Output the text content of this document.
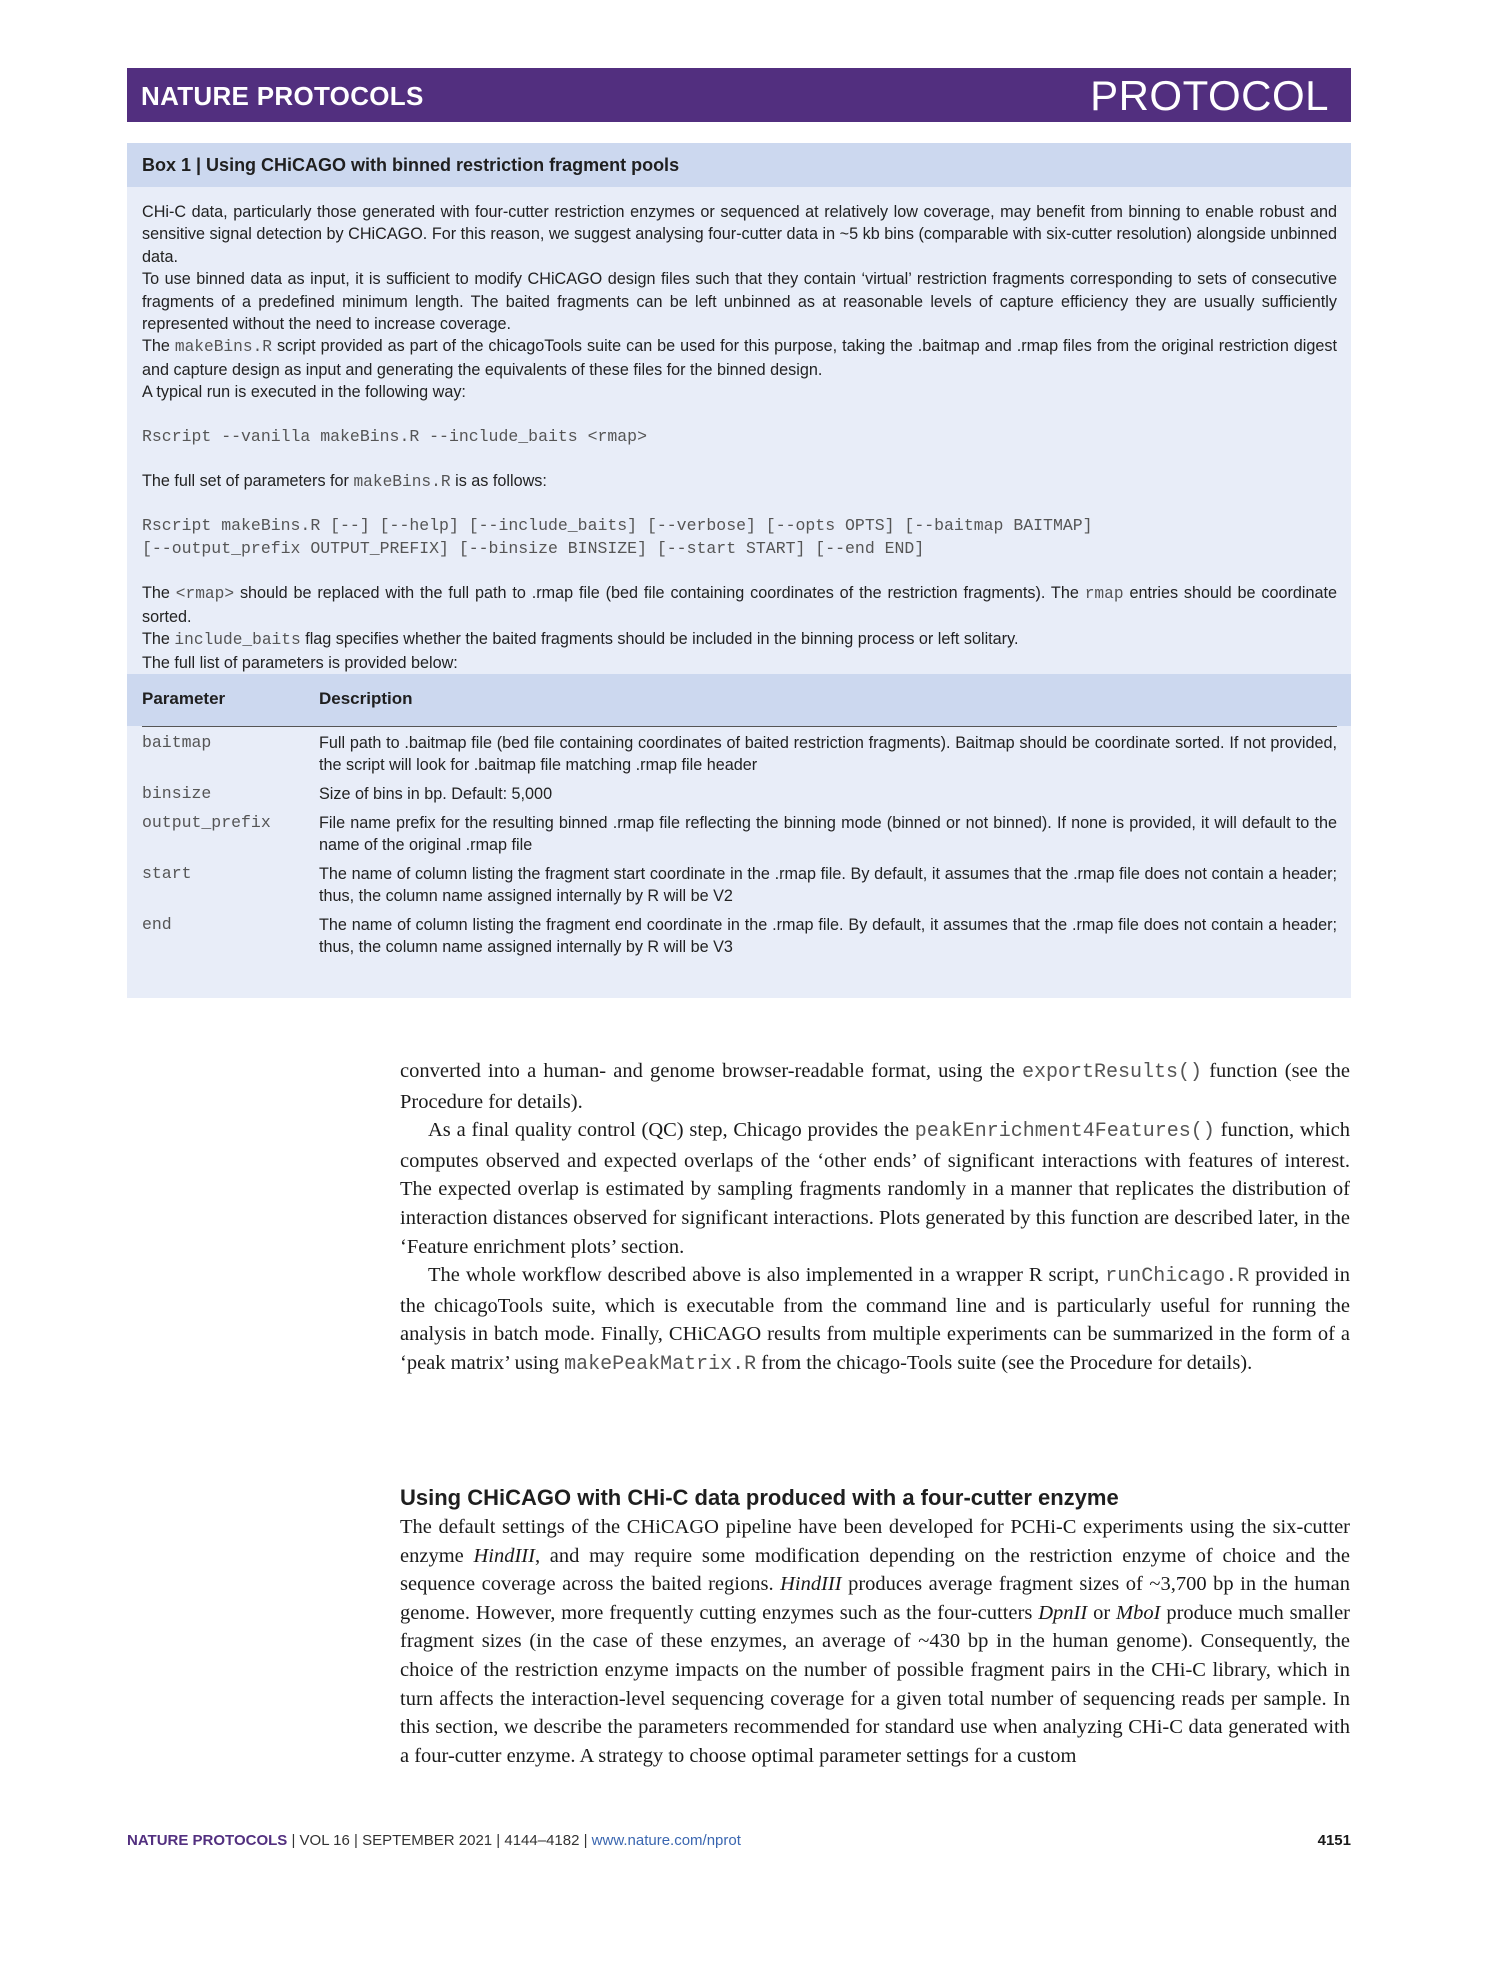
NATURE PROTOCOLS	PROTOCOL
Box 1 | Using CHiCAGO with binned restriction fragment pools

CHi-C data, particularly those generated with four-cutter restriction enzymes or sequenced at relatively low coverage, may benefit from binning to enable robust and sensitive signal detection by CHiCAGO. For this reason, we suggest analysing four-cutter data in ~5 kb bins (comparable with six-cutter resolution) alongside unbinned data.

To use binned data as input, it is sufficient to modify CHiCAGO design files such that they contain ‘virtual’ restriction fragments corresponding to sets of consecutive fragments of a predefined minimum length. The baited fragments can be left unbinned as at reasonable levels of capture efficiency they are usually sufficiently represented without the need to increase coverage.

The makeBins.R script provided as part of the chicagoTools suite can be used for this purpose, taking the .baitmap and .rmap files from the original restriction digest and capture design as input and generating the equivalents of these files for the binned design.

A typical run is executed in the following way:

Rscript --vanilla makeBins.R --include_baits <rmap>

The full set of parameters for makeBins.R is as follows:

Rscript makeBins.R [--] [--help] [--include_baits] [--verbose] [--opts OPTS] [--baitmap BAITMAP]

[--output_prefix OUTPUT_PREFIX] [--binsize BINSIZE] [--start START] [--end END]

The <rmap> should be replaced with the full path to .rmap file (bed file containing coordinates of the restriction fragments). The rmap entries should be coordinate sorted.

The include_baits flag specifies whether the baited fragments should be included in the binning process or left solitary.

The full list of parameters is provided below:

Parameter	Description
baitmap	Full path to .baitmap file (bed file containing coordinates of baited restriction fragments). Baitmap should be coordinate sorted. If not provided, the script will look for .baitmap file matching .rmap file header
binsize	Size of bins in bp. Default: 5,000
output_prefix	File name prefix for the resulting binned .rmap file reflecting the binning mode (binned or not binned). If none is provided, it will default to the name of the original .rmap file
start	The name of column listing the fragment start coordinate in the .rmap file. By default, it assumes that the .rmap file does not contain a header; thus, the column name assigned internally by R will be V2
end	The name of column listing the fragment end coordinate in the .rmap file. By default, it assumes that the .rmap file does not contain a header; thus, the column name assigned internally by R will be V3

converted into a human- and genome browser-readable format, using the exportResults() function (see the Procedure for details).

As a final quality control (QC) step, Chicago provides the peakEnrichment4Features() function, which computes observed and expected overlaps of the ‘other ends’ of significant interactions with features of interest. The expected overlap is estimated by sampling fragments randomly in a manner that replicates the distribution of interaction distances observed for significant interactions. Plots generated by this function are described later, in the ‘Feature enrichment plots’ section.

The whole workflow described above is also implemented in a wrapper R script, runChicago.R provided in the chicagoTools suite, which is executable from the command line and is particularly useful for running the analysis in batch mode. Finally, CHiCAGO results from multiple experiments can be summarized in the form of a ‘peak matrix’ using makePeakMatrix.R from the chicago-Tools suite (see the Procedure for details).

Using CHiCAGO with CHi-C data produced with a four-cutter enzyme
The default settings of the CHiCAGO pipeline have been developed for PCHi-C experiments using the six-cutter enzyme HindIII, and may require some modification depending on the restriction enzyme of choice and the sequence coverage across the baited regions. HindIII produces average fragment sizes of ~3,700 bp in the human genome. However, more frequently cutting enzymes such as the four-cutters DpnII or MboI produce much smaller fragment sizes (in the case of these enzymes, an average of ~430 bp in the human genome). Consequently, the choice of the restriction enzyme impacts on the number of possible fragment pairs in the CHi-C library, which in turn affects the interaction-level sequencing coverage for a given total number of sequencing reads per sample. In this section, we describe the parameters recommended for standard use when analyzing CHi-C data generated with a four-cutter enzyme. A strategy to choose optimal parameter settings for a custom
NATURE PROTOCOLS | VOL 16 | SEPTEMBER 2021 | 4144–4182 | www.nature.com/nprot	4151
